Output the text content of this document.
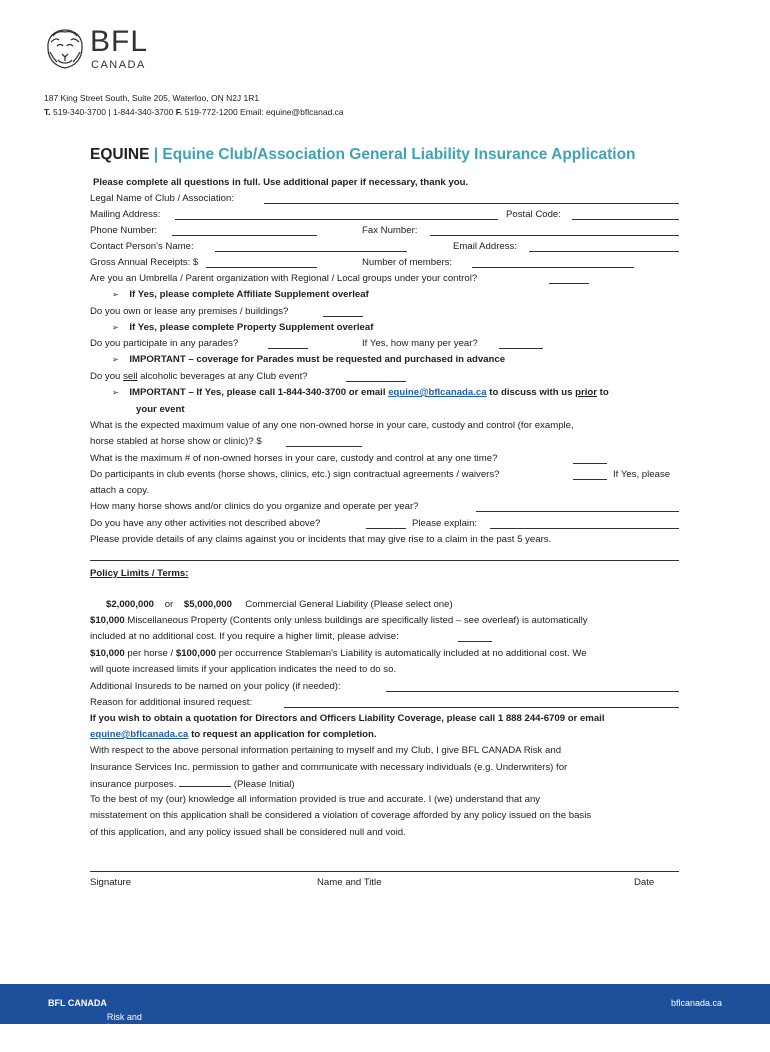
BFL
CANADA
187 King Street South, Suite 205, Waterloo, ON N2J 1R1
T. 519-340-3700 | 1-844-340-3700 F. 519-772-1200 Email: equine@bflcanad.ca
EQUINE | Equine Club/Association General Liability Insurance Application
Please complete all questions in full. Use additional paper if necessary, thank you.
Legal Name of Club / Association:
Mailing Address:	Postal Code:
Phone Number:	Fax Number:
Contact Person's Name:	Email Address:
Gross Annual Receipts: $	Number of members:
Are you an Umbrella / Parent organization with Regional / Local groups under your control?
➢ If Yes, please complete Affiliate Supplement overleaf
Do you own or lease any premises / buildings?
➢ If Yes, please complete Property Supplement overleaf
Do you participate in any parades?	If Yes, how many per year?
➢ IMPORTANT – coverage for Parades must be requested and purchased in advance
Do you sell alcoholic beverages at any Club event?
➢ IMPORTANT – If Yes, please call 1-844-340-3700 or email equine@bflcanada.ca to discuss with us prior to
your event
What is the expected maximum value of any one non-owned horse in your care, custody and control (for example,
horse stabled at horse show or clinic)? $
What is the maximum # of non-owned horses in your care, custody and control at any one time?
Do participants in club events (horse shows, clinics, etc.) sign contractual agreements / waivers?	If Yes, please
attach a copy.
How many horse shows and/or clinics do you organize and operate per year?
Do you have any other activities not described above?	Please explain:
Please provide details of any claims against you or incidents that may give rise to a claim in the past 5 years.
Policy Limits / Terms:
$2,000,000 or $5,000,000 Commercial General Liability (Please select one)
$10,000 Miscellaneous Property (Contents only unless buildings are specifically listed – see overleaf) is automatically
included at no additional cost. If you require a higher limit, please advise:
$10,000 per horse / $100,000 per occurrence Stableman's Liability is automatically included at no additional cost. We
will quote increased limits if your application indicates the need to do so.
Additional Insureds to be named on your policy (if needed):
Reason for additional insured request:
If you wish to obtain a quotation for Directors and Officers Liability Coverage, please call 1 888 244-6709 or email
equine@bflcanada.ca to request an application for completion.
With respect to the above personal information pertaining to myself and my Club, I give BFL CANADA Risk and
Insurance Services Inc. permission to gather and communicate with necessary individuals (e.g. Underwriters) for
insurance purposes.	(Please Initial)
To the best of my (our) knowledge all information provided is true and accurate. I (we) understand that any
misstatement on this application shall be considered a violation of coverage afforded by any policy issued on the basis
of this application, and any policy issued shall be considered null and void.
Signature	Name and Title	Date
BFL CANADA
Risk and Insurance Services Inc.
bflcanada.ca
